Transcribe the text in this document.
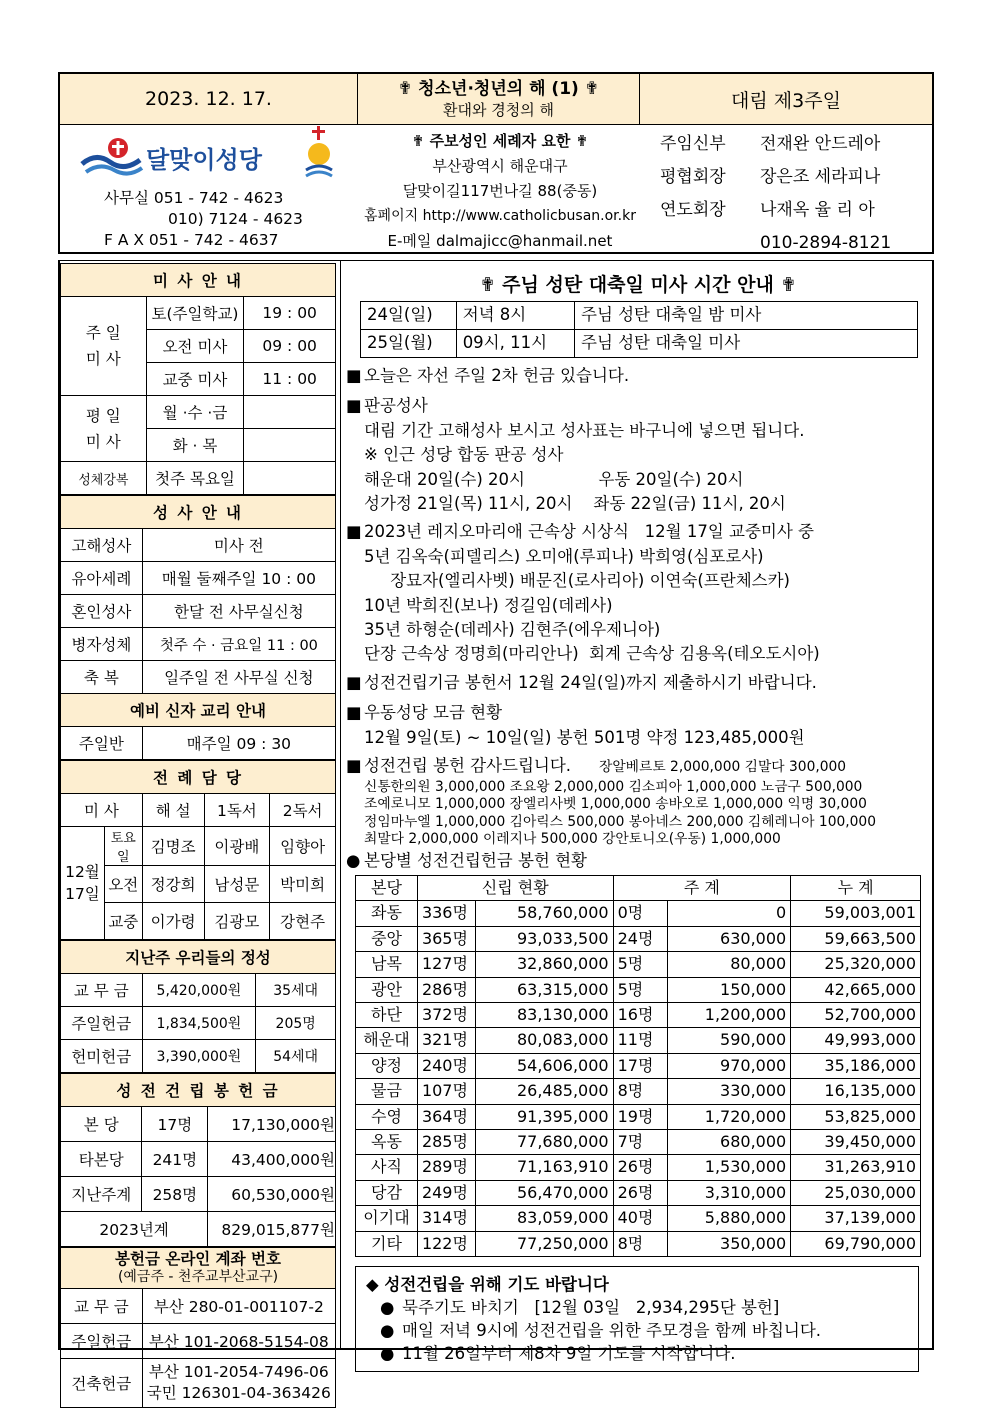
2023. 12. 17.	✟ 청소년·청년의 해 (1) ✟
환대와 경청의 해	대림 제3주일
달맞이성당
사무실 051 - 742 - 4623
010) 7124 - 4623
F A X 051 - 742 - 4637
✟ 주보성인 세례자 요한 ✟
부산광역시 해운대구
달맞이길117번나길 88(중동)
홈페이지 http://www.catholicbusan.or.kr
E-메일 dalmajicc@hanmail.net
주임신부 전재완 안드레아
평협회장 장은조 세라피나
연도회장 나재옥 율 리 아
010-2894-8121
미 사 안 내		
주 일
미 사	토(주일학교)	19 : 00
	오전 미사	09 : 00
	교중 미사	11 : 00
평 일
미 사	월 ·수 ·금	
	화 · 목	
성체강복	첫주 목요일	
성 사 안 내	
고해성사	미사 전
유아세례	매월 둘째주일 10 : 00
혼인성사	한달 전 사무실신청
병자성체	첫주 수 · 금요일 11 : 00
축 복	일주일 전 사무실 신청
예비 신자 교리 안내	
주일반	매주일 09 : 30
전 례 담 당				
미 사		해 설	1독서	2독서
12월
17일	토요일	김명조	이광배	임향아
	오전	정강희	남성문	박미희
	교중	이가령	김광모	강현주
지난주 우리들의 정성		
교 무 금	5,420,000원	35세대
주일헌금	1,834,500원	205명
헌미헌금	3,390,000원	54세대
성 전 건 립 봉 헌 금		
본 당	17명	17,130,000원
타본당	241명	43,400,000원
지난주계	258명	60,530,000원
2023년계		829,015,877원
봉헌금 온라인 계좌 번호
(예금주 - 천주교부산교구)	

교 무 금	부산 280-01-001107-2
주일헌금	부산 101-2068-5154-08
건축헌금	부산 101-2054-7496-06
국민 126301-04-363426
✟ 주님 성탄 대축일 미사 시간 안내 ✟
24일(일)	저녁 8시	주님 성탄 대축일 밤 미사
25일(월)	09시, 11시	주님 성탄 대축일 미사
■ 오늘은 자선 주일 2차 헌금 있습니다.
■ 판공성사
대림 기간 고해성사 보시고 성사표는 바구니에 넣으면 됩니다.
※ 인근 성당 합동 판공 성사
해운대 20일(수) 20시              우동 20일(수) 20시
성가정 21일(목) 11시, 20시    좌동 22일(금) 11시, 20시
■ 2023년 레지오마리애 근속상 시상식   12월 17일 교중미사 중
5년 김옥숙(피델리스) 오미애(루피나) 박희영(심포로사)
장묘자(엘리사벳) 배문진(로사리아) 이연숙(프란체스카)
10년 박희진(보나) 정길임(데레사)
35년 하형순(데레사) 김현주(에우제니아)
단장 근속상 정명희(마리안나)  회계 근속상 김용옥(테오도시아)
■ 성전건립기금 봉헌서 12월 24일(일)까지 제출하시기 바랍니다.
■ 우동성당 모금 현황
12월 9일(토) ~ 10일(일) 봉헌 501명 약정 123,485,000원
■ 성전건립 봉헌 감사드립니다. 장알베르토 2,000,000 김말다 300,000
신통한의원 3,000,000 조요왕 2,000,000 김소피아 1,000,000 노금구 500,000
조예로니모 1,000,000 장엘리사벳 1,000,000 송바오로 1,000,000 익명 30,000
정임마누엘 1,000,000 김아릭스 500,000 봉아네스 200,000 김헤레니아 100,000
최말다 2,000,000 이레지나 500,000 강안토니오(우동) 1,000,000
● 본당별 성전건립헌금 봉헌 현황
본당	신립 현황		주 계		누 계
좌동	336명	58,760,000	0명	0	59,003,001
중앙	365명	93,033,500	24명	630,000	59,663,500
남목	127명	32,860,000	5명	80,000	25,320,000
광안	286명	63,315,000	5명	150,000	42,665,000
하단	372명	83,130,000	16명	1,200,000	52,700,000
해운대	321명	80,083,000	11명	590,000	49,993,000
양정	240명	54,606,000	17명	970,000	35,186,000
물금	107명	26,485,000	8명	330,000	16,135,000
수영	364명	91,395,000	19명	1,720,000	53,825,000
옥동	285명	77,680,000	7명	680,000	39,450,000
사직	289명	71,163,910	26명	1,530,000	31,263,910
당감	249명	56,470,000	26명	3,310,000	25,030,000
이기대	314명	83,059,000	40명	5,880,000	37,139,000
기타	122명	77,250,000	8명	350,000	69,790,000
◆ 성전건립을 위해 기도 바랍니다
● 묵주기도 바치기   [12월 03일   2,934,295단 봉헌]
● 매일 저녁 9시에 성전건립을 위한 주모경을 함께 바칩니다.
● 11월 26일부터 제8차 9일 기도를 시작합니다.
